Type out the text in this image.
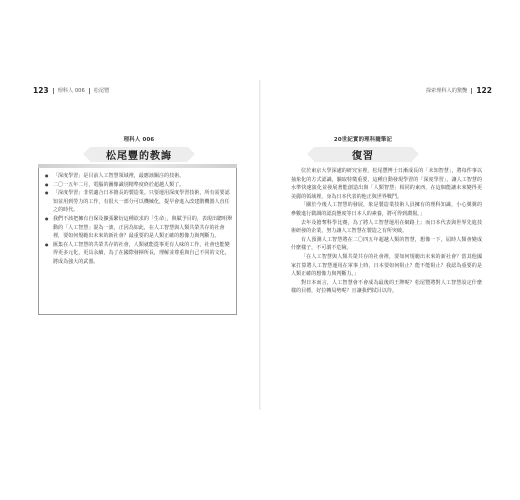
123 理科人 006 松尾豐	探索理科人的驚艷 122
理科人 006
松尾豐的教誨
20世紀實的理科隨筆記
復習
● 「深度學習」是目前人工智慧領域裡，最應該關注的技術。
● 二〇一五年二月，電腦的圖像識別精準度終於超越人類了。
● 「深度學習」非常適合日本擅長的製造業。只要運用深度學習技術，所有需要認知並用到勞力的工作，有很大一部分可以機械化，提早會進入改建階機器人直任之的時代。
● 我們不該把擁有自保及擴張繁衍這種欲求的「生命」，與賦予目的，表現出聰明舉動的「人工智慧」混為一談，正因為如此，在人工智慧與人類共榮共存的社會裡，要如何規範出未來的新社會？最重要的是人類正確的想像力與判斷力。
● 匯集在人工智慧的共榮共存的社會，人類就能從事更有人味的工作，社會也能變得更多元化，更具永續，為了在國際發揮所長，理解並尊重與自己不同的文化，將成為強大的武器。

位於東京大學深處的研究室裡，松尾豐博士日漸成長的「未知智慧」，將每件事以抽象化的方式認識，驗取特徵重要，這種自動發現學習的「深度學習」，讓人工智慧的水準快速演化並發展著能創造出與「人類智慧」相同的東西，在這個能讓未來變得更美麗的領域裡，身為日本代表的他正與世界戰鬥。

「關於今後人工智慧的發展，象是製造業技術人員擁有的理科知識，小心翼翼的參數進行微調的認真態度等日本人的素養，將可得到讚揚。」

去年及搶奪科學比賽，為了將人工智慧運用在網路上；而日本代表與世界先進技術研發的企業，努力讓人工智慧在製造之有所突破。

有人預測人工智慧將在二〇四五年超越人類的智慧，想像一下，屆時人類會變成什麼樣子，不可謂不危險。

「在人工智慧與人類共榮共存的社會裡，要如何規範出未來的新社會？當其他國家打算將人工智慧運用在軍事上時，日本要如何阻止？能不能阻止？我認為重要的是人類正確的想像力與判斷力。」

對日本而言，人工智慧會不會成為最後的王牌呢？松尾豐將對人工智慧設定什麼樣的目標，好拉轉局勢呢？且讓我們拭目以待。
